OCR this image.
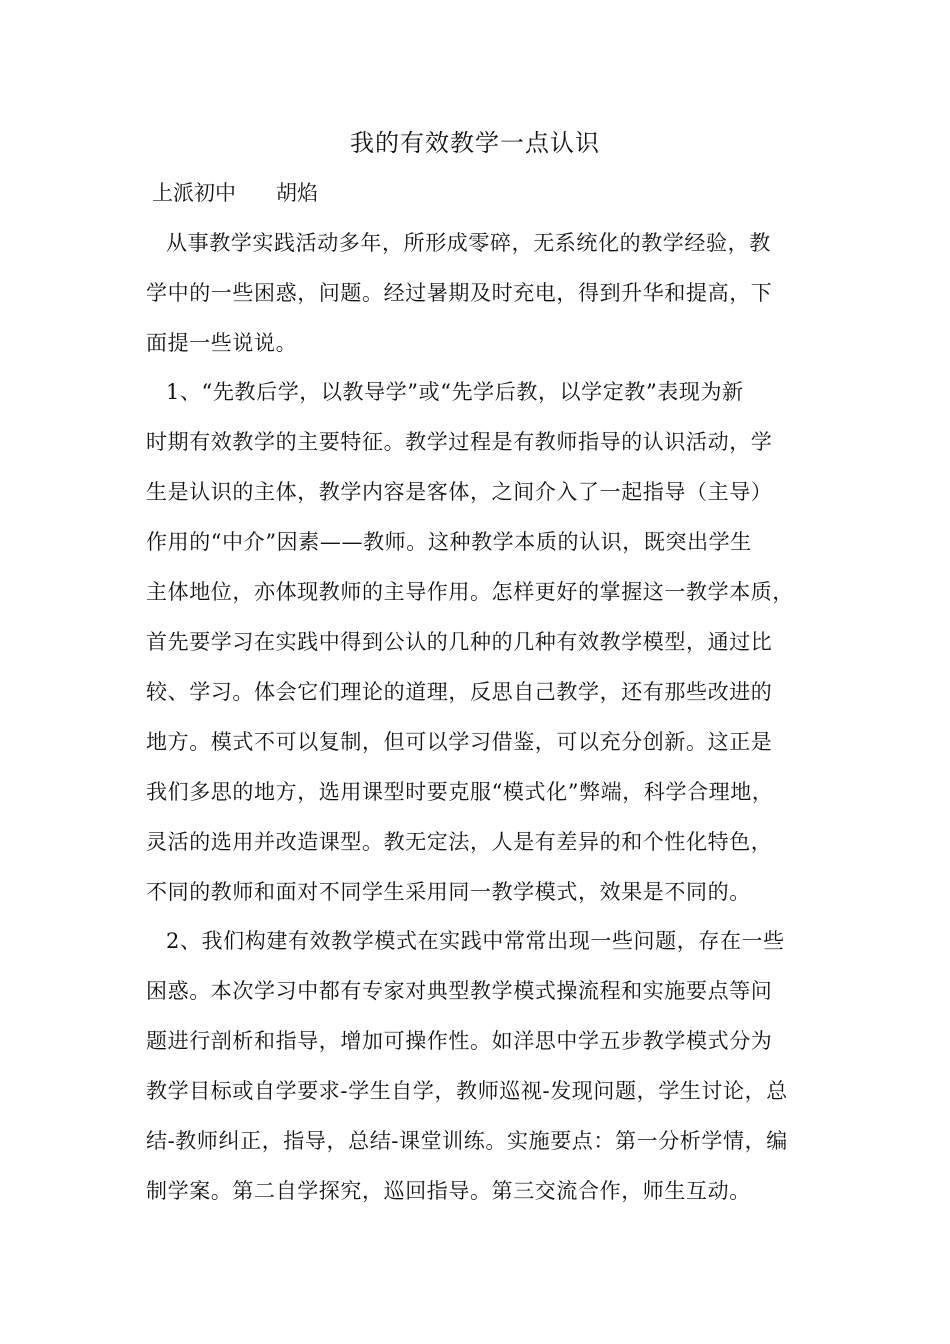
我的有效教学一点认识
上派初中      胡焰
从事教学实践活动多年，所形成零碎，无系统化的教学经验，教
学中的一些困惑，问题。经过暑期及时充电，得到升华和提高，下
面提一些说说。
1、“先教后学，以教导学”或“先学后教，以学定教”表现为新
时期有效教学的主要特征。教学过程是有教师指导的认识活动，学
生是认识的主体，教学内容是客体，之间介入了一起指导（主导）
作用的“中介”因素——教师。这种教学本质的认识，既突出学生
主体地位，亦体现教师的主导作用。怎样更好的掌握这一教学本质，
首先要学习在实践中得到公认的几种的几种有效教学模型，通过比
较、学习。体会它们理论的道理，反思自己教学，还有那些改进的
地方。模式不可以复制，但可以学习借鉴，可以充分创新。这正是
我们多思的地方，选用课型时要克服“模式化”弊端，科学合理地，
灵活的选用并改造课型。教无定法，人是有差异的和个性化特色，
不同的教师和面对不同学生采用同一教学模式，效果是不同的。
2、我们构建有效教学模式在实践中常常出现一些问题，存在一些
困惑。本次学习中都有专家对典型教学模式操流程和实施要点等问
题进行剖析和指导，增加可操作性。如洋思中学五步教学模式分为
教学目标或自学要求-学生自学，教师巡视-发现问题，学生讨论，总
结-教师纠正，指导，总结-课堂训练。实施要点：第一分析学情，编
制学案。第二自学探究，巡回指导。第三交流合作，师生互动。
